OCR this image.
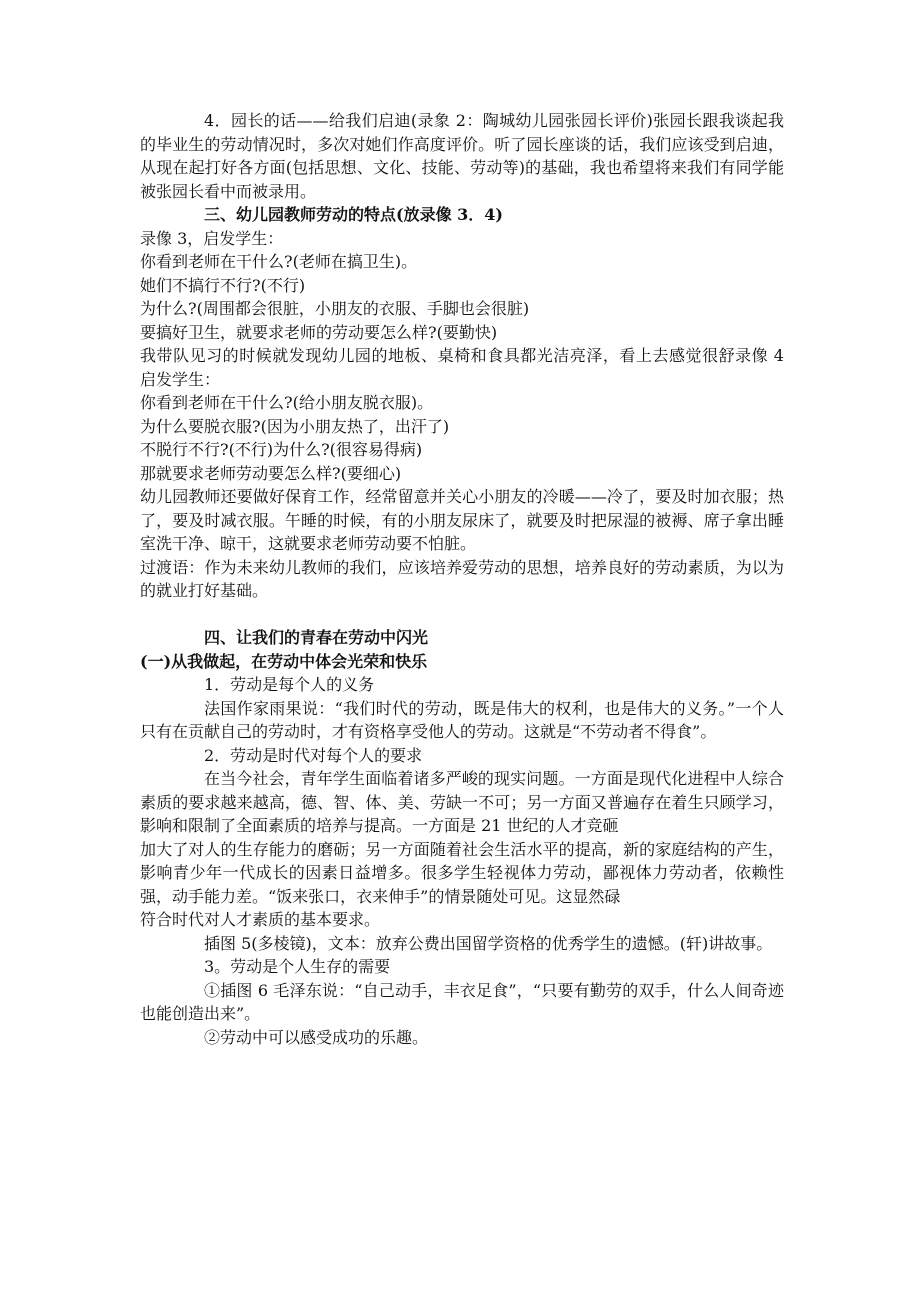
4．园长的话——给我们启迪(录象 2：陶城幼儿园张园长评价)张园长跟我谈起我的毕业生的劳动情况时，多次对她们作高度评价。听了园长座谈的话，我们应该受到启迪，从现在起打好各方面(包括思想、文化、技能、劳动等)的基础，我也希望将来我们有同学能被张园长看中而被录用。

三、幼儿园教师劳动的特点(放录像 3．4)

录像 3，启发学生：

你看到老师在干什么?(老师在搞卫生)。

她们不搞行不行?(不行)

为什么?(周围都会很脏，小朋友的衣服、手脚也会很脏)

要搞好卫生，就要求老师的劳动要怎么样?(要勤快)

我带队见习的时候就发现幼儿园的地板、桌椅和食具都光洁亮泽，看上去感觉很舒录像 4 启发学生：

你看到老师在干什么?(给小朋友脱衣服)。

为什么要脱衣服?(因为小朋友热了，出汗了)

不脱行不行?(不行)为什么?(很容易得病)

那就要求老师劳动要怎么样?(要细心)

幼儿园教师还要做好保育工作，经常留意并关心小朋友的冷暖——冷了，要及时加衣服；热了，要及时减衣服。午睡的时候，有的小朋友尿床了，就要及时把尿湿的被褥、席子拿出睡室洗干净、晾干，这就要求老师劳动要不怕脏。

过渡语：作为未来幼儿教师的我们，应该培养爱劳动的思想，培养良好的劳动素质，为以为的就业打好基础。

四、让我们的青春在劳动中闪光

(一)从我做起，在劳动中体会光荣和快乐

1．劳动是每个人的义务

法国作家雨果说：“我们时代的劳动，既是伟大的权利，也是伟大的义务。”一个人只有在贡献自己的劳动时，才有资格享受他人的劳动。这就是“不劳动者不得食”。

2．劳动是时代对每个人的要求

在当今社会，青年学生面临着诸多严峻的现实问题。一方面是现代化进程中人综合素质的要求越来越高，德、智、体、美、劳缺一不可；另一方面又普遍存在着生只顾学习，影响和限制了全面素质的培养与提高。一方面是 21 世纪的人才竞砸

加大了对人的生存能力的磨砺；另一方面随着社会生活水平的提高，新的家庭结构的产生，影响青少年一代成长的因素日益增多。很多学生轻视体力劳动，鄙视体力劳动者，依赖性强，动手能力差。“饭来张口，衣来伸手”的情景随处可见。这显然碌

符合时代对人才素质的基本要求。

插图 5(多棱镜)，文本：放弃公费出国留学资格的优秀学生的遗憾。(轩)讲故事。

3。劳动是个人生存的需要

①插图 6 毛泽东说：“自己动手，丰衣足食”，“只要有勤劳的双手，什么人间奇迹也能创造出来”。

②劳动中可以感受成功的乐趣。
